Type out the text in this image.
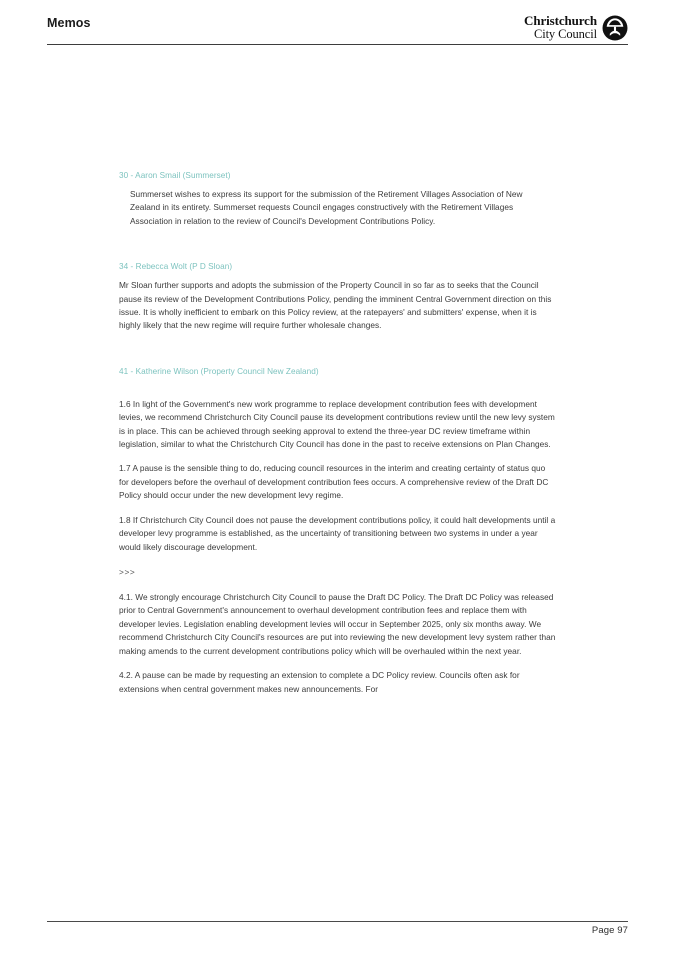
Memos	Christchurch
City Council

30 - Aaron Smail (Summerset)

Summerset wishes to express its support for the submission of the Retirement Villages Association of New Zealand in its entirety. Summerset requests Council engages constructively with the Retirement Villages Association in relation to the review of Council's Development Contributions Policy.

34 - Rebecca Wolt (P D Sloan)

Mr Sloan further supports and adopts the submission of the Property Council in so far as to seeks that the Council pause its review of the Development Contributions Policy, pending the imminent Central Government direction on this issue. It is wholly inefficient to embark on this Policy review, at the ratepayers' and submitters' expense, when it is highly likely that the new regime will require further wholesale changes.

41 - Katherine Wilson (Property Council New Zealand)

1.6 In light of the Government's new work programme to replace development contribution fees with development levies, we recommend Christchurch City Council pause its development contributions review until the new levy system is in place. This can be achieved through seeking approval to extend the three-year DC review timeframe within legislation, similar to what the Christchurch City Council has done in the past to receive extensions on Plan Changes.

1.7 A pause is the sensible thing to do, reducing council resources in the interim and creating certainty of status quo for developers before the overhaul of development contribution fees occurs. A comprehensive review of the Draft DC Policy should occur under the new development levy regime.

1.8 If Christchurch City Council does not pause the development contributions policy, it could halt developments until a developer levy programme is established, as the uncertainty of transitioning between two systems in under a year would likely discourage development.

>>>

4.1. We strongly encourage Christchurch City Council to pause the Draft DC Policy. The Draft DC Policy was released prior to Central Government's announcement to overhaul development contribution fees and replace them with developer levies. Legislation enabling development levies will occur in September 2025, only six months away. We recommend Christchurch City Council's resources are put into reviewing the new development levy system rather than making amends to the current development contributions policy which will be overhauled within the next year.

4.2. A pause can be made by requesting an extension to complete a DC Policy review. Councils often ask for extensions when central government makes new announcements. For

Page 97
